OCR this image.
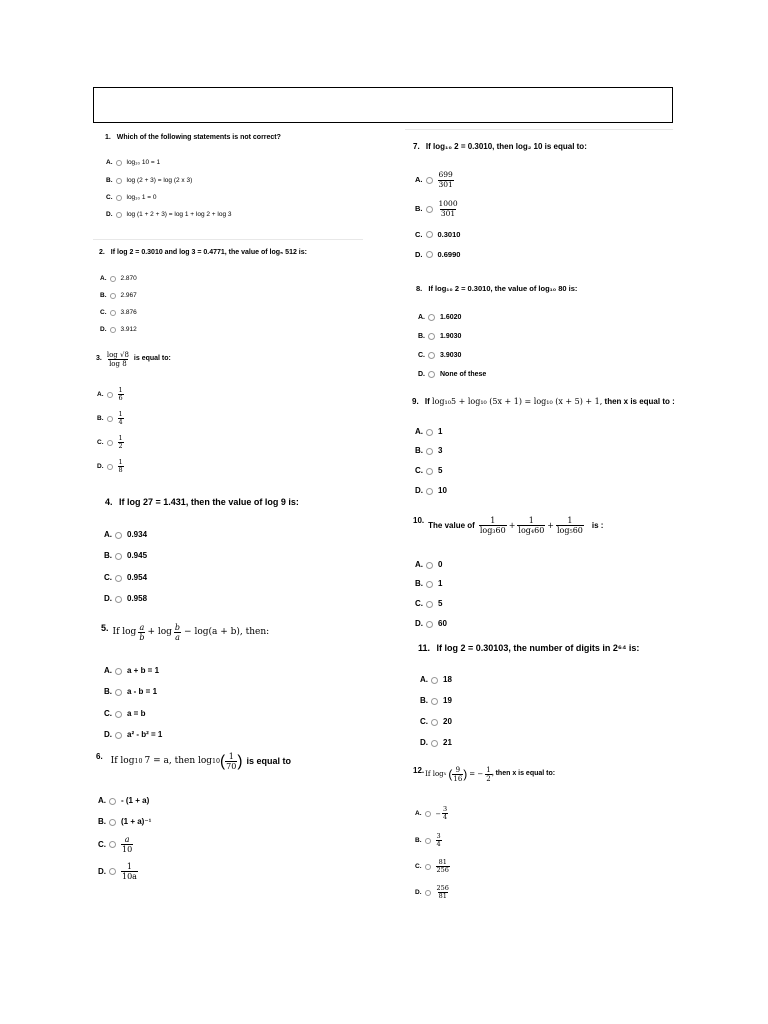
1. Which of the following statements is not correct?
A. log₁₀ 10 = 1
B. log (2 + 3) = log (2 x 3)
C. log₁₀ 1 = 0
D. log (1 + 2 + 3) = log 1 + log 2 + log 3
2. If log 2 = 0.3010 and log 3 = 0.4771, the value of log₅ 512 is:
A. 2.870
B. 2.967
C. 3.876
D. 3.912
3. $\frac{\log √8}{\log 8}$ is equal to:
A. $\frac{1}{6}$
B. $\frac{1}{4}$
C. $\frac{1}{2}$
D. $\frac{1}{8}$
4. If log 27 = 1.431, then the value of log 9 is:
A. 0.934
B. 0.945
C. 0.954
D. 0.958
5. If $\log \frac{a}{b} + \log \frac{b}{a} - \log(a + b)$, then:
A. a + b = 1
B. a - b = 1
C. a = b
D. a² - b² = 1
6. If log 10 7 = a, then log 10 ( $\frac{1}{70}$ ) is equal to
A. - (1 + a)
B. (1 + a)⁻¹
C. $\frac{a}{10}$
D. $\frac{1}{10a}$
7. If log₁₀ 2 = 0.3010, then log₂ 10 is equal to:
A. $\frac{699}{301}$
B. $\frac{1000}{301}$
C. 0.3010
D. 0.6990
8. If log₁₀ 2 = 0.3010, the value of log₁₀ 80 is:
A. 1.6020
B. 1.9030
C. 3.9030
D. None of these
9. If log₁₀5 + log₁₀ (5x + 1) = log₁₀ (x + 5) + 1, then x is equal to :
A. 1
B. 3
C. 5
D. 10
10.
The value of $\frac{1}{\text{log₃60}} + \frac{1}{\text{log₄60}} + \frac{1}{\text{log₅60}}$ is :
A. 0
B. 1
C. 5
D. 60
11. If log 2 = 0.30103, the number of digits in 2⁶⁴ is:
A. 18
B. 19
C. 20
D. 21
12. If log x ( $\frac{9}{16}$ ) = − $\frac{1}{2}$ , then x is equal to:
A. − $\frac{3}{4}$
B. $\frac{3}{4}$
C. $\frac{81}{256}$
D. $\frac{256}{81}$
